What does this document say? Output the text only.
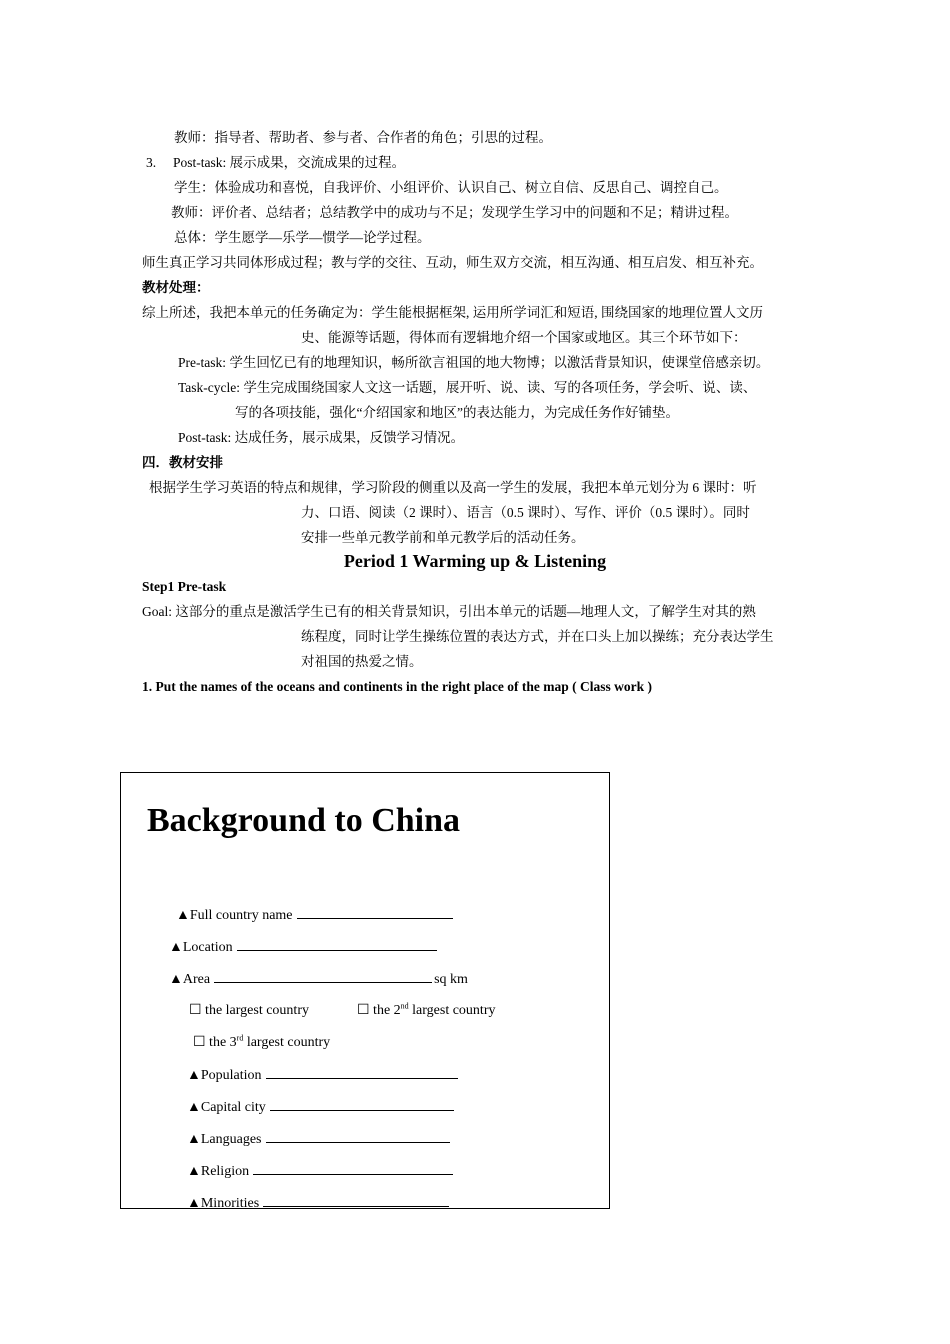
教师：指导者、帮助者、参与者、合作者的角色；引思的过程。
3. Post-task: 展示成果，交流成果的过程。
学生：体验成功和喜悦，自我评价、小组评价、认识自己、树立自信、反思自己、调控自己。
教师：评价者、总结者；总结教学中的成功与不足；发现学生学习中的问题和不足；精讲过程。
总体：学生愿学—乐学—惯学—论学过程。
师生真正学习共同体形成过程；教与学的交往、互动，师生双方交流，相互沟通、相互启发、相互补充。
教材处理：
综上所述，我把本单元的任务确定为：学生能根据框架, 运用所学词汇和短语, 围绕国家的地理位置人文历
史、能源等话题，得体而有逻辑地介绍一个国家或地区。其三个环节如下：
Pre-task: 学生回忆已有的地理知识，畅所欲言祖国的地大物博；以激活背景知识，使课堂倍感亲切。
Task-cycle: 学生完成围绕国家人文这一话题，展开听、说、读、写的各项任务，学会听、说、读、
写的各项技能，强化“介绍国家和地区”的表达能力，为完成任务作好铺垫。
Post-task: 达成任务，展示成果，反馈学习情况。
四．教材安排
根据学生学习英语的特点和规律，学习阶段的侧重以及高一学生的发展，我把本单元划分为 6 课时：听
力、口语、阅读（2 课时）、语言（0.5 课时）、写作、评价（0.5 课时）。同时
安排一些单元教学前和单元教学后的活动任务。
Period 1 Warming up & Listening
Step1 Pre-task
Goal: 这部分的重点是激活学生已有的相关背景知识，引出本单元的话题—地理人文，了解学生对其的熟
练程度，同时让学生操练位置的表达方式，并在口头上加以操练；充分表达学生
对祖国的热爱之情。
1. Put the names of the oceans and continents in the right place of the map ( Class work )
Background to China
▲Full country name
▲Location
▲Area	sq km
☐ the largest country	☐ the 2nd largest country
☐ the 3rd largest country
▲Population
▲Capital city
▲Languages
▲Religion
▲Minorities
